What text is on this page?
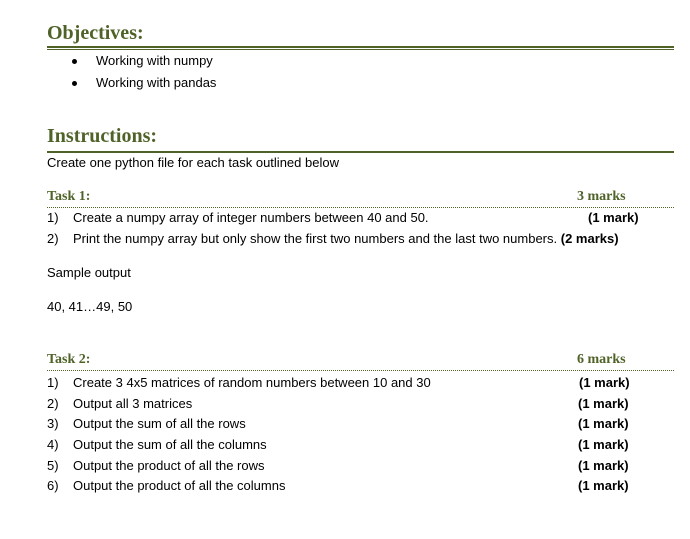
Objectives:
Working with numpy
Working with pandas
Instructions:
Create one python file for each task outlined below
Task 1:	3 marks
1) Create a numpy array of integer numbers between 40 and 50.	(1 mark)
2) Print the numpy array but only show the first two numbers and the last two numbers. (2 marks)
Sample output
40, 41…49, 50
Task 2:	6 marks
1) Create 3 4x5 matrices of random numbers between 10 and 30	(1 mark)
2) Output all 3 matrices	(1 mark)
3) Output the sum of all the rows	(1 mark)
4) Output the sum of all the columns	(1 mark)
5) Output the product of all the rows	(1 mark)
6) Output the product of all the columns	(1 mark)
